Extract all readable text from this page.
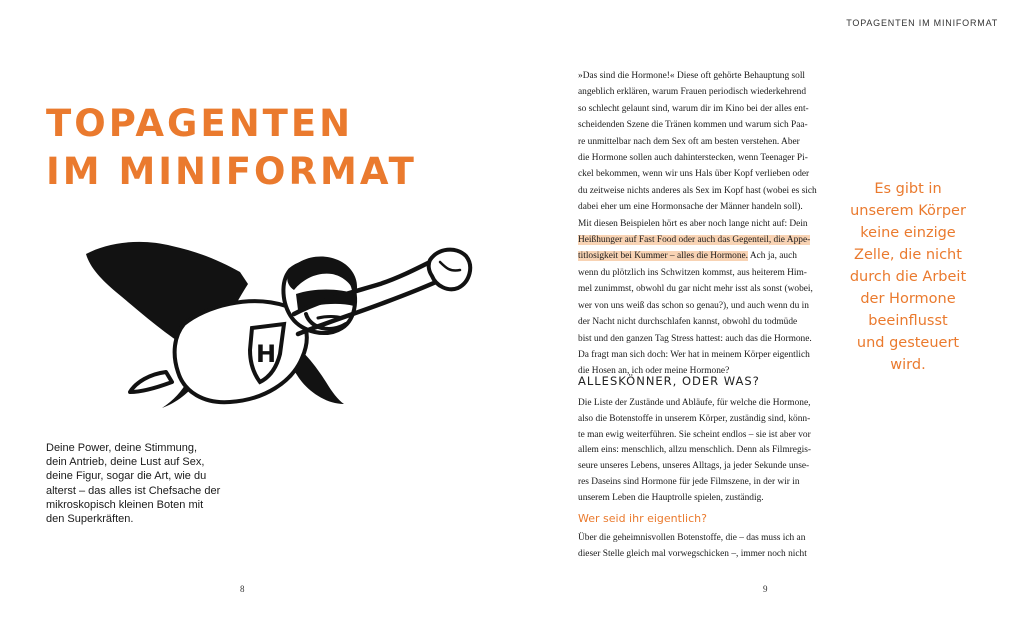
TOPAGENTEN
IM MINIFORMAT
H

Deine Power, deine Stimmung,
dein Antrieb, deine Lust auf Sex,
deine Figur, sogar die Art, wie du
alterst – das alles ist Chefsache der
mikroskopisch kleinen Boten mit
den Superkräften.

8
TOPAGENTEN IM MINIFORMAT
»Das sind die Hormone!« Diese oft gehörte Behauptung soll
angeblich erklären, warum Frauen periodisch wiederkehrend
so schlecht gelaunt sind, warum dir im Kino bei der alles ent-
scheidenden Szene die Tränen kommen und warum sich Paa-
re unmittelbar nach dem Sex oft am besten verstehen. Aber
die Hormone sollen auch dahinterstecken, wenn Teenager Pi-
ckel bekommen, wenn wir uns Hals über Kopf verlieben oder
du zeitweise nichts anderes als Sex im Kopf hast (wobei es sich
dabei eher um eine Hormonsache der Männer handeln soll).
Mit diesen Beispielen hört es aber noch lange nicht auf: Dein
Heißhunger auf Fast Food oder auch das Gegenteil, die Appe-
titlosigkeit bei Kummer – alles die Hormone. Ach ja, auch
wenn du plötzlich ins Schwitzen kommst, aus heiterem Him-
mel zunimmst, obwohl du gar nicht mehr isst als sonst (wobei,
wer von uns weiß das schon so genau?), und auch wenn du in
der Nacht nicht durchschlafen kannst, obwohl du todmüde
bist und den ganzen Tag Stress hattest: auch das die Hormone.
Da fragt man sich doch: Wer hat in meinem Körper eigentlich
die Hosen an, ich oder meine Hormone?
ALLESKÖNNER, ODER WAS?
Die Liste der Zustände und Abläufe, für welche die Hormone,
also die Botenstoffe in unserem Körper, zuständig sind, könn-
te man ewig weiterführen. Sie scheint endlos – sie ist aber vor
allem eins: menschlich, allzu menschlich. Denn als Filmregis-
seure unseres Lebens, unseres Alltags, ja jeder Sekunde unse-
res Daseins sind Hormone für jede Filmszene, in der wir in
unserem Leben die Hauptrolle spielen, zuständig.
Wer seid ihr eigentlich?
Über die geheimnisvollen Botenstoffe, die – das muss ich an
dieser Stelle gleich mal vorwegschicken –, immer noch nicht

Es gibt in
unserem Körper
keine einzige
Zelle, die nicht
durch die Arbeit
der Hormone
beeinflusst
und gesteuert
wird.

9
